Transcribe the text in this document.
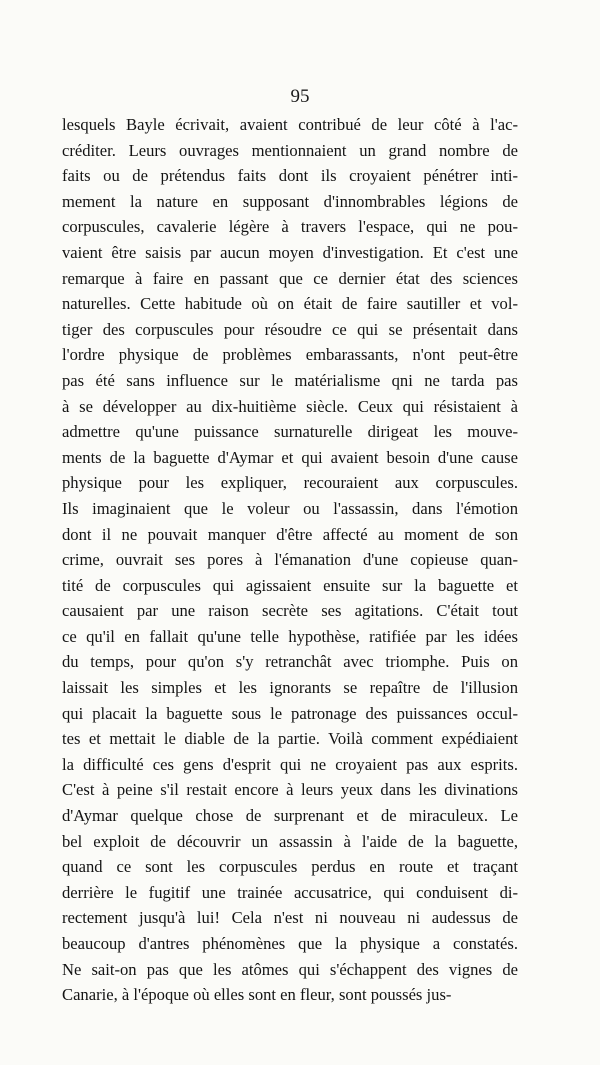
95
lesquels Bayle écrivait, avaient contribué de leur côté à l'ac-
créditer. Leurs ouvrages mentionnaient un grand nombre de
faits ou de prétendus faits dont ils croyaient pénétrer inti-
mement la nature en supposant d'innombrables légions de
corpuscules, cavalerie légère à travers l'espace, qui ne pou-
vaient être saisis par aucun moyen d'investigation. Et c'est une
remarque à faire en passant que ce dernier état des sciences
naturelles. Cette habitude où on était de faire sautiller et vol-
tiger des corpuscules pour résoudre ce qui se présentait dans
l'ordre physique de problèmes embarassants, n'ont peut-être
pas été sans influence sur le matérialisme qni ne tarda pas
à se développer au dix-huitième siècle. Ceux qui résistaient à
admettre qu'une puissance surnaturelle dirigeat les mouve-
ments de la baguette d'Aymar et qui avaient besoin d'une cause
physique pour les expliquer, recouraient aux corpuscules.
Ils imaginaient que le voleur ou l'assassin, dans l'émotion
dont il ne pouvait manquer d'être affecté au moment de son
crime, ouvrait ses pores à l'émanation d'une copieuse quan-
tité de corpuscules qui agissaient ensuite sur la baguette et
causaient par une raison secrète ses agitations. C'était tout
ce qu'il en fallait qu'une telle hypothèse, ratifiée par les idées
du temps, pour qu'on s'y retranchât avec triomphe. Puis on
laissait les simples et les ignorants se repaître de l'illusion
qui placait la baguette sous le patronage des puissances occul-
tes et mettait le diable de la partie. Voilà comment expédiaient
la difficulté ces gens d'esprit qui ne croyaient pas aux esprits.
C'est à peine s'il restait encore à leurs yeux dans les divinations
d'Aymar quelque chose de surprenant et de miraculeux. Le
bel exploit de découvrir un assassin à l'aide de la baguette,
quand ce sont les corpuscules perdus en route et traçant
derrière le fugitif une trainée accusatrice, qui conduisent di-
rectement jusqu'à lui! Cela n'est ni nouveau ni audessus de
beaucoup d'antres phénomènes que la physique a constatés.
Ne sait-on pas que les atômes qui s'échappent des vignes de
Canarie, à l'époque où elles sont en fleur, sont poussés jus-
